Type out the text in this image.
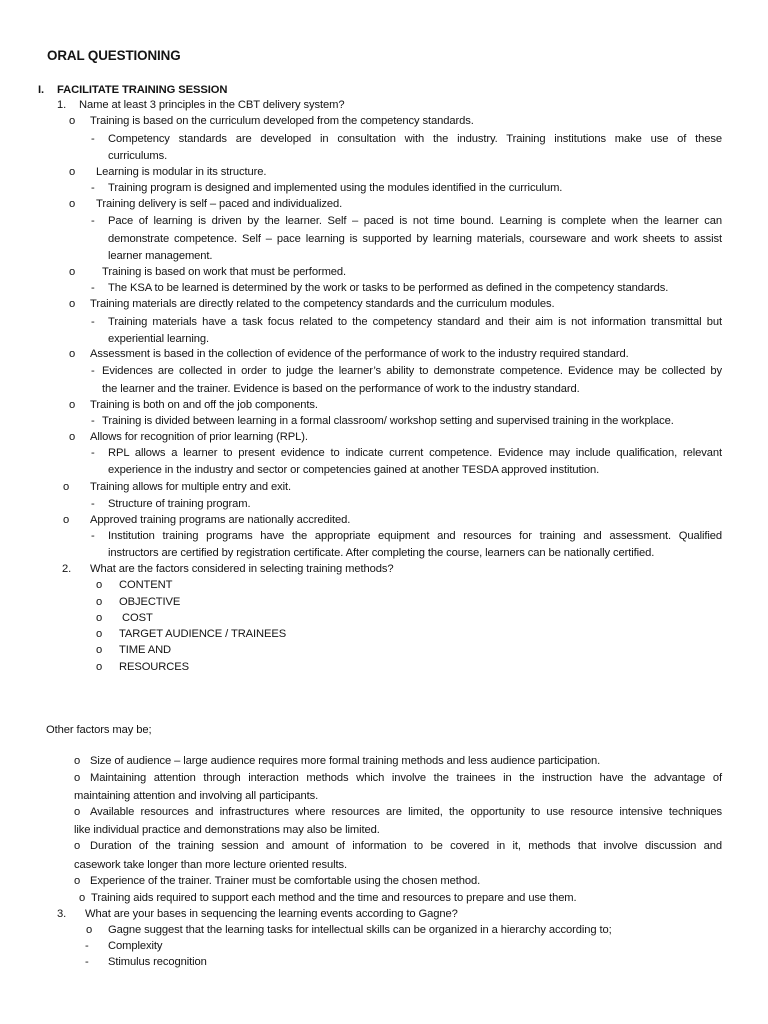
ORAL QUESTIONING
I. FACILITATE TRAINING SESSION
1. Name at least 3 principles in the CBT delivery system?
o Training is based on the curriculum developed from the competency standards.
- Competency standards are developed in consultation with the industry. Training institutions make use of these
curriculums.
o Learning is modular in its structure.
- Training program is designed and implemented using the modules identified in the curriculum.
o Training delivery is self – paced and individualized.
- Pace of learning is driven by the learner. Self – paced is not time bound. Learning is complete when the learner can
demonstrate competence. Self – pace learning is supported by learning materials, courseware and work sheets to assist
learner management.
o Training is based on work that must be performed.
- The KSA to be learned is determined by the work or tasks to be performed as defined in the competency standards.
o Training materials are directly related to the competency standards and the curriculum modules.
- Training materials have a task focus related to the competency standard and their aim is not information transmittal but
experiential learning.
o Assessment is based in the collection of evidence of the performance of work to the industry required standard.
- Evidences are collected in order to judge the learner’s ability to demonstrate competence. Evidence may be collected by
the learner and the trainer. Evidence is based on the performance of work to the industry standard.
o Training is both on and off the job components.
- Training is divided between learning in a formal classroom/ workshop setting and supervised training in the workplace.
o Allows for recognition of prior learning (RPL).
- RPL allows a learner to present evidence to indicate current competence. Evidence may include qualification, relevant
experience in the industry and sector or competencies gained at another TESDA approved institution.
o Training allows for multiple entry and exit.
- Structure of training program.
o Approved training programs are nationally accredited.
- Institution training programs have the appropriate equipment and resources for training and assessment. Qualified
instructors are certified by registration certificate. After completing the course, learners can be nationally certified.
2. What are the factors considered in selecting training methods?
o CONTENT
o OBJECTIVE
o COST
o TARGET AUDIENCE / TRAINEES
o TIME AND
o RESOURCES
Other factors may be;
o Size of audience – large audience requires more formal training methods and less audience participation.
o Maintaining attention through interaction methods which involve the trainees in the instruction have the advantage of
maintaining attention and involving all participants.
o Available resources and infrastructures where resources are limited, the opportunity to use resource intensive techniques
like individual practice and demonstrations may also be limited.
o Duration of the training session and amount of information to be covered in it, methods that involve discussion and
casework take longer than more lecture oriented results.
o Experience of the trainer. Trainer must be comfortable using the chosen method.
o Training aids required to support each method and the time and resources to prepare and use them.
3. What are your bases in sequencing the learning events according to Gagne?
o Gagne suggest that the learning tasks for intellectual skills can be organized in a hierarchy according to;
- Complexity
- Stimulus recognition
